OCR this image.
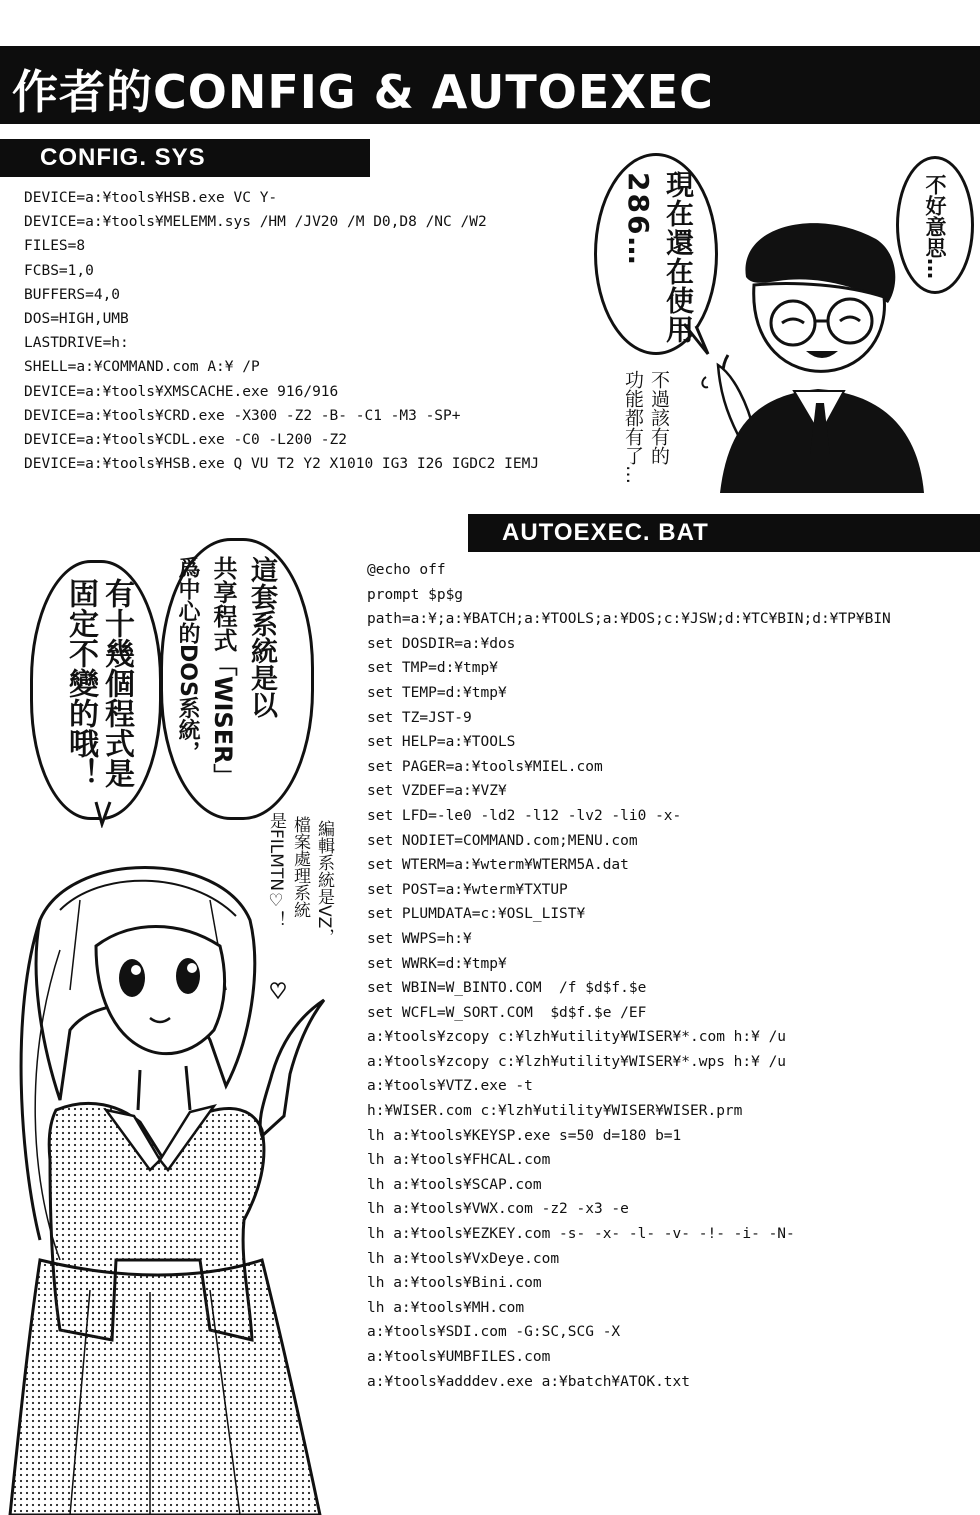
作者的CONFIG & AUTOEXEC
CONFIG. SYS
DEVICE=a:¥tools¥HSB.exe VC Y-
DEVICE=a:¥tools¥MELEMM.sys /HM /JV20 /M D0,D8 /NC /W2
FILES=8
FCBS=1,0
BUFFERS=4,0
DOS=HIGH,UMB
LASTDRIVE=h:
SHELL=a:¥COMMAND.com A:¥ /P
DEVICE=a:¥tools¥XMSCACHE.exe 916/916
DEVICE=a:¥tools¥CRD.exe -X300 -Z2 -B- -C1 -M3 -SP+
DEVICE=a:¥tools¥CDL.exe -C0 -L200 -Z2
DEVICE=a:¥tools¥HSB.exe Q VU T2 Y2 X1010 IG3 I26 IGDC2 IEMJ
AUTOEXEC. BAT
@echo off
prompt $p$g
path=a:¥;a:¥BATCH;a:¥TOOLS;a:¥DOS;c:¥JSW;d:¥TC¥BIN;d:¥TP¥BIN
set DOSDIR=a:¥dos
set TMP=d:¥tmp¥
set TEMP=d:¥tmp¥
set TZ=JST-9
set HELP=a:¥TOOLS
set PAGER=a:¥tools¥MIEL.com
set VZDEF=a:¥VZ¥
set LFD=-le0 -ld2 -l12 -lv2 -li0 -x-
set NODIET=COMMAND.com;MENU.com
set WTERM=a:¥wterm¥WTERM5A.dat
set POST=a:¥wterm¥TXTUP
set PLUMDATA=c:¥OSL_LIST¥
set WWPS=h:¥
set WWRK=d:¥tmp¥
set WBIN=W_BINTO.COM  /f $d$f.$e
set WCFL=W_SORT.COM  $d$f.$e /EF
a:¥tools¥zcopy c:¥lzh¥utility¥WISER¥*.com h:¥ /u
a:¥tools¥zcopy c:¥lzh¥utility¥WISER¥*.wps h:¥ /u
a:¥tools¥VTZ.exe -t
h:¥WISER.com c:¥lzh¥utility¥WISER¥WISER.prm
lh a:¥tools¥KEYSP.exe s=50 d=180 b=1
lh a:¥tools¥FHCAL.com
lh a:¥tools¥SCAP.com
lh a:¥tools¥VWX.com -z2 -x3 -e
lh a:¥tools¥EZKEY.com -s- -x- -l- -v- -!- -i- -N-
lh a:¥tools¥VxDeye.com
lh a:¥tools¥Bini.com
lh a:¥tools¥MH.com
a:¥tools¥SDI.com -G:SC,SCG -X
a:¥tools¥UMBFILES.com
a:¥tools¥adddev.exe a:¥batch¥ATOK.txt
現在還在使用
286…	不好意思…
不過該有的
功能都有了…
這套系統是以
共享程式「WISER」
爲中心的DOS系統，
有十幾個程式是
固定不變的哦！
編輯系統是VZ，
檔案處理系統
是FILMTN♡！
